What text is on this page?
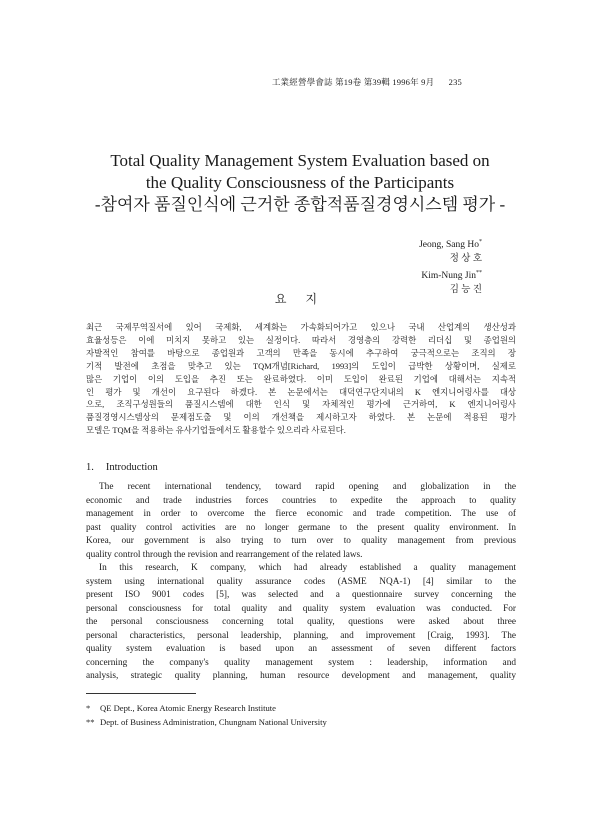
工業經營學會誌 第19卷 第39輯 1996年 9月 235
Total Quality Management System Evaluation based on
the Quality Consciousness of the Participants
-참여자 품질인식에 근거한 종합적품질경영시스템 평가 -
Jeong, Sang Ho*
정 상 호
Kim-Nung Jin**
김 능 진
요 지
최근 국제무역질서에 있어 국제화, 세계화는 가속화되어가고 있으나 국내 산업계의 생산성과
효율성등은 이에 미치지 못하고 있는 실정이다. 따라서 경영층의 강력한 리더십 및 종업원의
자발적인 참여를 바탕으로 종업원과 고객의 만족을 동시에 추구하여 궁극적으로는 조직의 장
기적 발전에 초점을 맞추고 있는 TQM개념[Richard, 1993]의 도입이 급박한 상황이며, 실제로
많은 기업이 이의 도입을 추진 또는 완료하였다. 이미 도입이 완료된 기업에 대해서는 지속적
인 평가 및 개선이 요구된다 하겠다. 본 논문에서는 대덕연구단지내의 K 엔지니어링사를 대상
으로, 조직구성원들의 품질시스템에 대한 인식 및 자체적인 평가에 근거하여, K 엔지니어링사
품질경영시스템상의 문제점도출 및 이의 개선책을 제시하고자 하였다. 본 논문에 적용된 평가
모델은 TQM을 적용하는 유사기업들에서도 활용할수 있으리라 사료된다.
1. Introduction
The recent international tendency, toward rapid opening and globalization in the
economic and trade industries forces countries to expedite the approach to quality
management in order to overcome the fierce economic and trade competition. The use of
past quality control activities are no longer germane to the present quality environment. In
Korea, our government is also trying to turn over to quality management from previous
quality control through the revision and rearrangement of the related laws.
In this research, K company, which had already established a quality management
system using international quality assurance codes (ASME NQA-1) [4] similar to the
present ISO 9001 codes [5], was selected and a questionnaire survey concerning the
personal consciousness for total quality and quality system evaluation was conducted. For
the personal consciousness concerning total quality, questions were asked about three
personal characteristics, personal leadership, planning, and improvement [Craig, 1993]. The
quality system evaluation is based upon an assessment of seven different factors
concerning the company's quality management system : leadership, information and
analysis, strategic quality planning, human resource development and management, quality
* QE Dept., Korea Atomic Energy Research Institute
** Dept. of Business Administration, Chungnam National University
